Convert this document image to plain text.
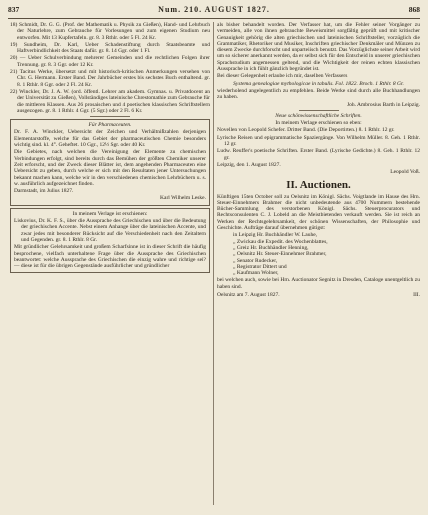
837	Num. 210. AUGUST 1827.	868

18) Schmidt, Dr. G. G. (Prof. der Mathematik u. Physik zu Gießen), Hand- und Lehrbuch der Naturlehre, zum Gebrauche für Vorlesungen und zum eigenen Studium neu entworfen. Mit 13 Kupfertafeln. gr. 8. 3 Rthlr. oder 5 Fl. 24 Kr.

19) Sundheim, Dr. Karl, Ueber Schadenstiftung durch Staatsbeamte und Haftverbindlichkeit des Staats dafür. gr. 8. 14 Ggr. oder 1 Fl.

20) — Ueber Schulverbindung mehrerer Gemeinden und die rechtlichen Folgen ihrer Trennung. gr. 8. 3 Ggr. oder 12 Kr.

21) Tacitus Werke, übersetzt und mit historisch-kritischen Anmerkungen versehen von Chr. G. Hermann. Erster Band. Der Jahrbücher erstes bis sechstes Buch enthaltend. gr. 8. 1 Rthlr. 8 Ggr. oder 2 Fl. 24 Kr.

22) Winckler, Dr. J. A. W. (ord. öffentl. Lehrer am akadem. Gymnas. u. Privatdocent an der Universität zu Gießen), Vollständiges lateinische Chrestomathie zum Gebrauche für die mittleren Klassen. Aus 26 prosaischen und 4 poetischen klassischen Schriftstellern ausgezogen. gr. 8. 1 Rthlr. 4 Ggr. (5 Sgr.) oder 2 Fl. 6 Kr.

Für Pharmaceuten.

Dr. F. A. Winckler, Uebersicht der Zeichen und Verhältnißzahlen derjenigen Elementarstoffe, welche für das Gebiet der pharmaceutischen Chemie besonders wichtig sind. kl. 4°. Geheftet. 10 Ggr., 12½ Sgr. oder 40 Kr.

Die Gebietes, nach welchen die Vereinigung der Elemente zu chemischen Verbindungen erfolgt, sind bereits durch das Bemühen der größten Chemiker unserer Zeit erforscht, und der Zweck dieser Blätter ist, dem angehenden Pharmaceuten eine Uebersicht zu geben, durch welche er sich mit den Resultaten jener Untersuchungen bekannt machen kann, welche wir in den verschiedenen chemischen Lehrbüchern u. s. w. ausführlich aufgezeichnet finden.

Darmstadt, im Julius 1827.

Karl Wilhelm Leske.

In meinem Verlage ist erschienen:

Liskovius, Dr. K. F. S., über die Aussprache des Griechischen und über die Bedeutung der griechischen Accente. Nebst einem Anhange über die lateinischen Accente, und zwar jedes mit besonderer Rücksicht auf die Verschiedenheit nach den Zeitaltern und Gegenden. gr. 8. 1 Rthlr. 8 Gr.

Mit gründlicher Gelehrsamkeit und großem Scharfsinne ist in dieser Schrift die häufig besprochene, vielfach unterhaltene Frage über die Aussprache des Griechischen beantwortet: welche Aussprache des Griechischen die einzig wahre und richtige sei? — diese ist für die übrigen Gegenstände ausführlicher und gründlicher

als bisher behandelt worden. Der Verfasser hat, um die Fehler seiner Vorgänger zu vermeiden, alle von ihnen gebrauchte Beweismittel sorgfältig geprüft und mit kritischer Genauigkeit gehörig die alten griechischen und lateinischen Schriftsteller, vorzüglich die Grammatiker, Rhetoriker und Musiker, Inschriften griechischer Denkmäler und Münzen zu diesem Zwecke durchforscht und unparteiisch benutzt. Das Vorzüglichste seiner Arbeit wird um so sicherer anerkannt werden, da er selbst sich für den Entscheid in unserer griechischen Sprachstudium angemessen geltend, und die Wichtigkeit der reinen echten klassischen Aussprache in ich fühlt gänzlich begründet ist.

Bei dieser Gelegenheit erlaube ich mir, daselben Verfassers

Systema genealogiae mythologicae in tabulis. Fol. 1822. Broch. 1 Rthlr. 8 Gr.

wiederholend angelegentlich zu empfehlen. Beide Werke sind durch alle Buchhandlungen zu haben.

Joh. Ambrosius Barth in Leipzig.

Neue schönwissenschaftliche Schriften.

In meinem Verlage erschienen so eben:

Novellen von Leopold Schefer. Dritter Band. (Die Deportirten.) 8. 1 Rthlr. 12 gr.

Lyrische Reisen und epigrammatische Spaziergänge. Von Wilhelm Müller. 8. Geh. 1 Rthlr. 12 gr.

Ludw. Reuffer's poetische Schriften. Erster Band. (Lyrische Gedichte.) 8. Geh. 1 Rthlr. 12 gr.

Leipzig, den 1. August 1827.

Leopold Voß.

II. Auctionen.

Künftigen 15ten October soll zu Oelsnitz im Königl. Sächs. Voigtlande im Hause des Hrn. Steuer-Einnehmers Brahmer die nicht unbedeutende aus 4700 Nummern bestehende Bücher-Sammlung des verstorbenen Königl. Sächs. Steuerprocurators und Rechtsconsulenten C. J. Lobeld an die Meistbietenden verkauft werden. Sie ist reich an Werken der Rechtsgelehrsamkeit, der schönen Wissenschaften, der Philosophie und Geschichte. Aufträge darauf übernehmen gütigst:

in Leipzig Hr. Buchhändler W. Lauhe,
„ Zwickau die Expedit. des Wochenblattes,
„ Greiz Hr. Buchhändler Henning,
„ Oelsnitz Hr. Steuer-Einnehmer Brahmer,
„ Senator Rudecker,
„ Registrator Dittert und
„ Kaufmann Wolner,

bei welchen auch, sowie bei Hrn. Auctionator Segnitz in Dresden, Cataloge unentgeltlich zu haben sind.

Oelsnitz am 7. August 1827.	III.
